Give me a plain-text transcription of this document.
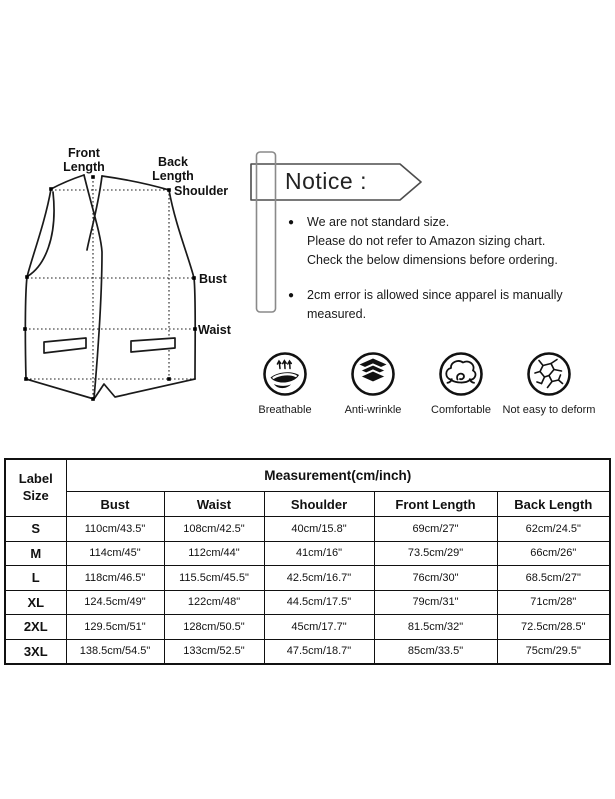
Front
Length	Back
Length
Shoulder
Bust
Waist
Notice :
●	We are not standard size.
Please do not refer to Amazon sizing chart.
Check the below dimensions before ordering.
●	2cm error is allowed since apparel is manually
measured.
Breathable	Anti-wrinkle	Comfortable Not easy to deform
Label
Size	Measurement(cm/inch)				
	Bust	Waist	Shoulder	Front Length	Back Length
S	110cm/43.5"	108cm/42.5"	40cm/15.8"	69cm/27"	62cm/24.5"
M	114cm/45"	112cm/44"	41cm/16"	73.5cm/29"	66cm/26"
L	118cm/46.5"	115.5cm/45.5"	42.5cm/16.7"	76cm/30"	68.5cm/27"
XL	124.5cm/49"	122cm/48"	44.5cm/17.5"	79cm/31"	71cm/28"
2XL	129.5cm/51"	128cm/50.5"	45cm/17.7"	81.5cm/32"	72.5cm/28.5"
3XL	138.5cm/54.5"	133cm/52.5"	47.5cm/18.7"	85cm/33.5"	75cm/29.5"
